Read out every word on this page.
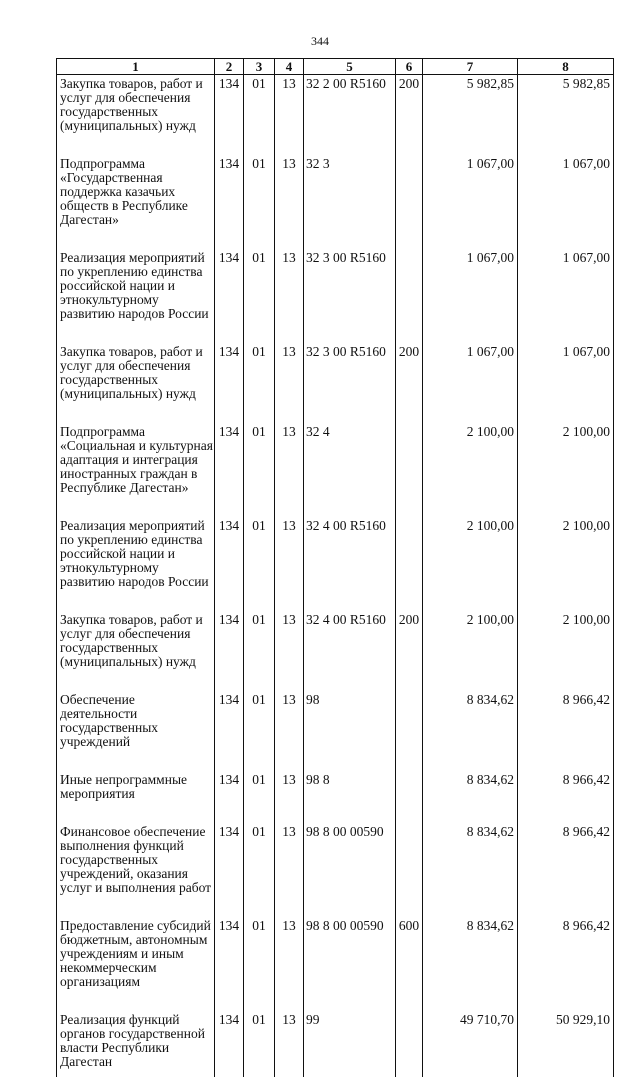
344
1	2	3	4	5	6	7	8
Закупка товаров, работ и услуг для обеспечения государственных (муниципальных) нужд	134	01	13	32 2 00 R5160	200	5 982,85	5 982,85
Подпрограмма «Государственная поддержка казачьих обществ в Республике Дагестан»	134	01	13	32 3		1 067,00	1 067,00
Реализация мероприятий по укреплению единства российской нации и этнокультурному развитию народов России	134	01	13	32 3 00 R5160		1 067,00	1 067,00
Закупка товаров, работ и услуг для обеспечения государственных (муниципальных) нужд	134	01	13	32 3 00 R5160	200	1 067,00	1 067,00
Подпрограмма «Социальная и культурная адаптация и интеграция иностранных граждан в Республике Дагестан»	134	01	13	32 4		2 100,00	2 100,00
Реализация мероприятий по укреплению единства российской нации и этнокультурному развитию народов России	134	01	13	32 4 00 R5160		2 100,00	2 100,00
Закупка товаров, работ и услуг для обеспечения государственных (муниципальных) нужд	134	01	13	32 4 00 R5160	200	2 100,00	2 100,00
Обеспечение деятельности государственных учреждений	134	01	13	98		8 834,62	8 966,42
Иные непрограммные мероприятия	134	01	13	98 8		8 834,62	8 966,42
Финансовое обеспечение выполнения функций государственных учреждений, оказания услуг и выполнения работ	134	01	13	98 8 00 00590		8 834,62	8 966,42
Предоставление субсидий бюджетным, автономным учреждениям и иным некоммерческим организациям	134	01	13	98 8 00 00590	600	8 834,62	8 966,42
Реализация функций органов государственной власти Республики Дагестан	134	01	13	99		49 710,70	50 929,10
